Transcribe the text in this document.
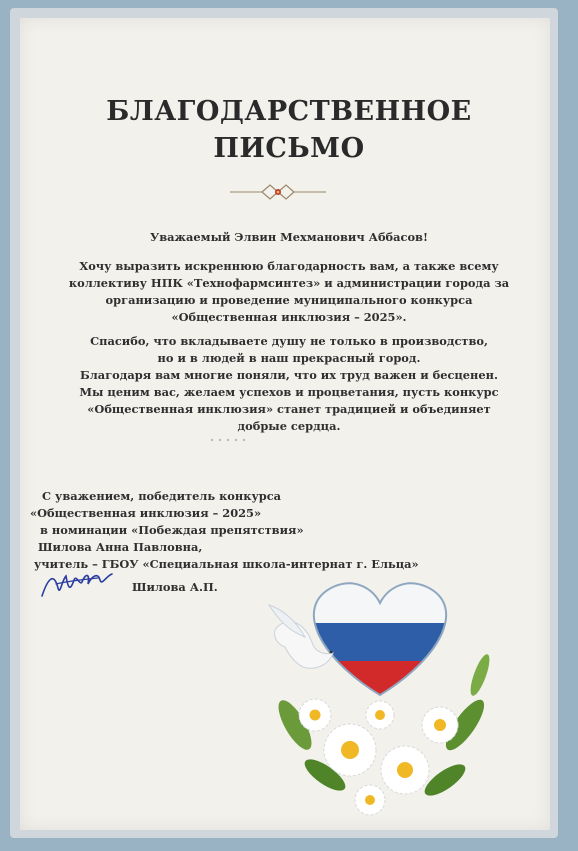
БЛАГОДАРСТВЕННОЕ
ПИСЬМО
Уважаемый Элвин Мехманович Аббасов!
Хочу выразить искреннюю благодарность вам, а также всему
коллективу НПК «Технофармсинтез» и администрации города за
организацию и проведение муниципального конкурса
«Общественная инклюзия – 2025».
Спасибо, что вкладываете душу не только в производство,
но и в людей в наш прекрасный город.
Благодаря вам многие поняли, что их труд важен и бесценен.
Мы ценим вас, желаем успехов и процветания, пусть конкурс
«Общественная инклюзия» станет традицией и объединяет
добрые сердца.
С уважением, победитель конкурса
«Общественная инклюзия – 2025»
в номинации «Побеждая препятствия»
Шилова Анна Павловна,
учитель – ГБОУ «Специальная школа-интернат г. Ельца»
Шилова А.П.
